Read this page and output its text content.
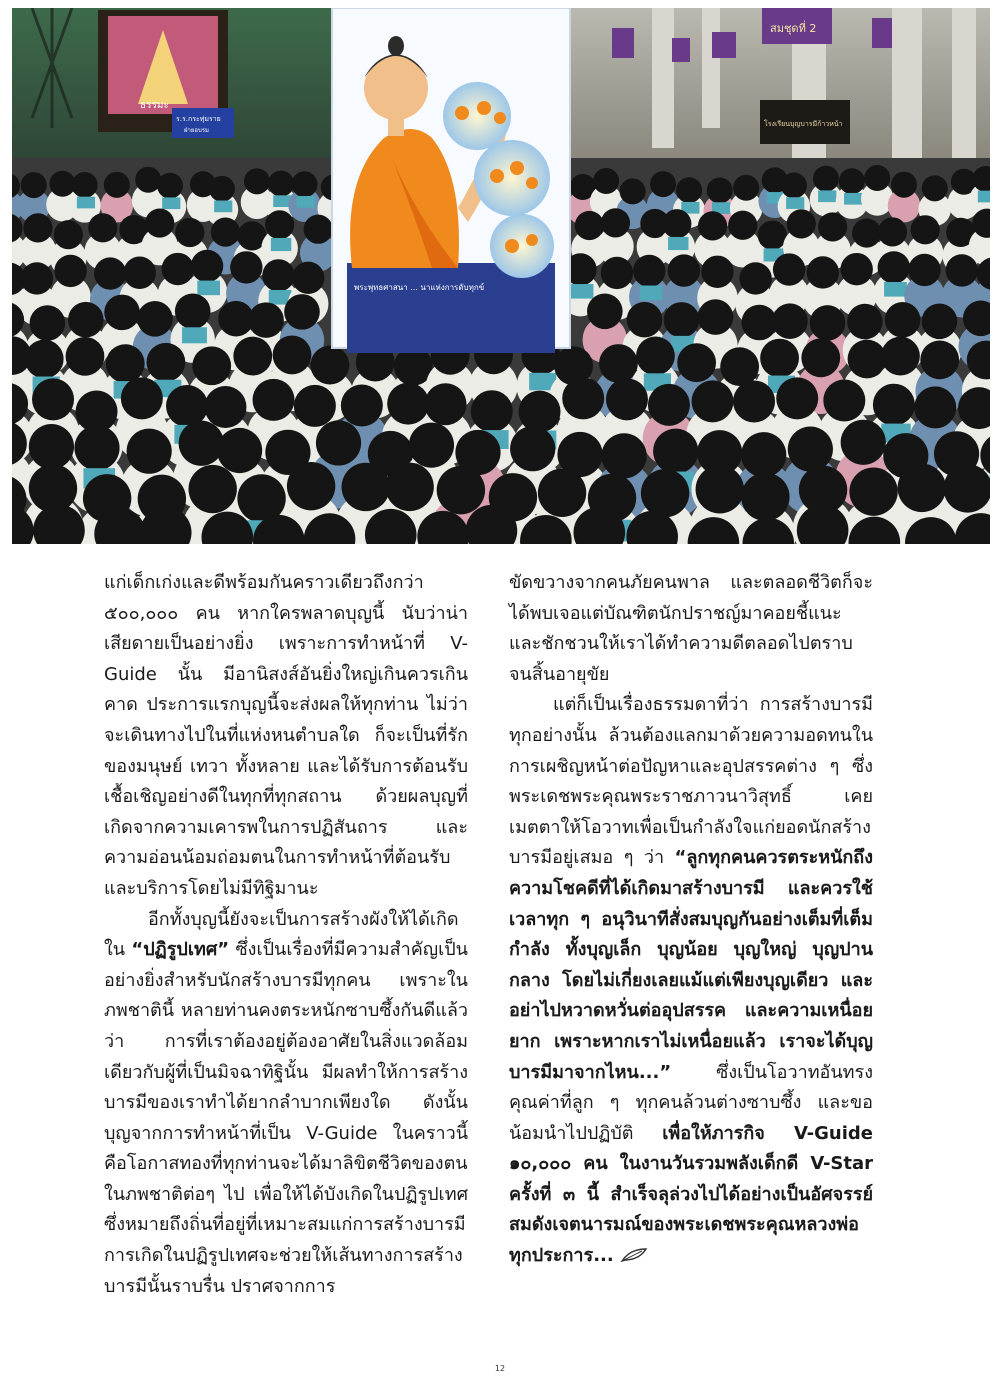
ธรรมะ
ร.ร.กระทุ่มราย
ฝ่ายอบรม
สมชุดที่ 2
โรงเรียนบุญบารมีก้าวหน้า
พระพุทธศาสนา ... นาแห่งการดับทุกข์

แก่เด็กเก่งและดีพร้อมกันคราวเดียวถึงกว่า ๕๐๐,๐๐๐ คน หากใครพลาดบุญนี้ นับว่าน่าเสียดายเป็นอย่างยิ่ง เพราะการทำหน้าที่ V-Guide นั้น มีอานิสงส์อันยิ่งใหญ่เกินควรเกินคาด ประการแรกบุญนี้จะส่งผลให้ทุกท่าน ไม่ว่าจะเดินทางไปในที่แห่งหนตำบลใด ก็จะเป็นที่รักของมนุษย์ เทวา ทั้งหลาย และได้รับการต้อนรับเชื้อเชิญอย่างดีในทุกที่ทุกสถาน ด้วยผลบุญที่เกิดจากความเคารพในการปฏิสันถาร และความอ่อนน้อมถ่อมตนในการทำหน้าที่ต้อนรับ และบริการโดยไม่มีทิฐิมานะ

อีกทั้งบุญนี้ยังจะเป็นการสร้างผังให้ได้เกิดใน “ปฏิรูปเทศ” ซึ่งเป็นเรื่องที่มีความสำคัญเป็นอย่างยิ่งสำหรับนักสร้างบารมีทุกคน เพราะในภพชาตินี้ หลายท่านคงตระหนักซาบซึ้งกันดีแล้วว่า การที่เราต้องอยู่ต้องอาศัยในสิ่งแวดล้อมเดียวกับผู้ที่เป็นมิจฉาทิฐินั้น มีผลทำให้การสร้างบารมีของเราทำได้ยากลำบากเพียงใด ดังนั้น บุญจากการทำหน้าที่เป็น V-Guide ในคราวนี้ คือโอกาสทองที่ทุกท่านจะได้มาลิขิตชีวิตของตนในภพชาติต่อๆ ไป เพื่อให้ได้บังเกิดในปฏิรูปเทศ ซึ่งหมายถึงถิ่นที่อยู่ที่เหมาะสมแก่การสร้างบารมี การเกิดในปฏิรูปเทศจะช่วยให้เส้นทางการสร้างบารมีนั้นราบรื่น ปราศจากการ

ขัดขวางจากคนภัยคนพาล และตลอดชีวิตก็จะได้พบเจอแต่บัณฑิตนักปราชญ์มาคอยชี้แนะและชักชวนให้เราได้ทำความดีตลอดไปตราบจนสิ้นอายุขัย

แต่ก็เป็นเรื่องธรรมดาที่ว่า การสร้างบารมีทุกอย่างนั้น ล้วนต้องแลกมาด้วยความอดทนในการเผชิญหน้าต่อปัญหาและอุปสรรคต่าง ๆ ซึ่งพระเดชพระคุณพระราชภาวนาวิสุทธิ์ เคยเมตตาให้โอวาทเพื่อเป็นกำลังใจแก่ยอดนักสร้างบารมีอยู่เสมอ ๆ ว่า “ลูกทุกคนควรตระหนักถึงความโชคดีที่ได้เกิดมาสร้างบารมี และควรใช้เวลาทุก ๆ อนุวินาทีสั่งสมบุญกันอย่างเต็มที่เต็มกำลัง ทั้งบุญเล็ก บุญน้อย บุญใหญ่ บุญปานกลาง โดยไม่เกี่ยงเลยแม้แต่เพียงบุญเดียว และอย่าไปหวาดหวั่นต่ออุปสรรค และความเหนื่อยยาก เพราะหากเราไม่เหนื่อยแล้ว เราจะได้บุญบารมีมาจากไหน...” ซึ่งเป็นโอวาทอันทรงคุณค่าที่ลูก ๆ ทุกคนล้วนต่างซาบซึ้ง และขอน้อมนำไปปฏิบัติ เพื่อให้ภารกิจ V-Guide ๑๐,๐๐๐ คน ในงานวันรวมพลังเด็กดี V-Star ครั้งที่ ๓ นี้ สำเร็จลุล่วงไปได้อย่างเป็นอัศจรรย์ สมดังเจตนารมณ์ของพระเดชพระคุณหลวงพ่อทุกประการ...

12
